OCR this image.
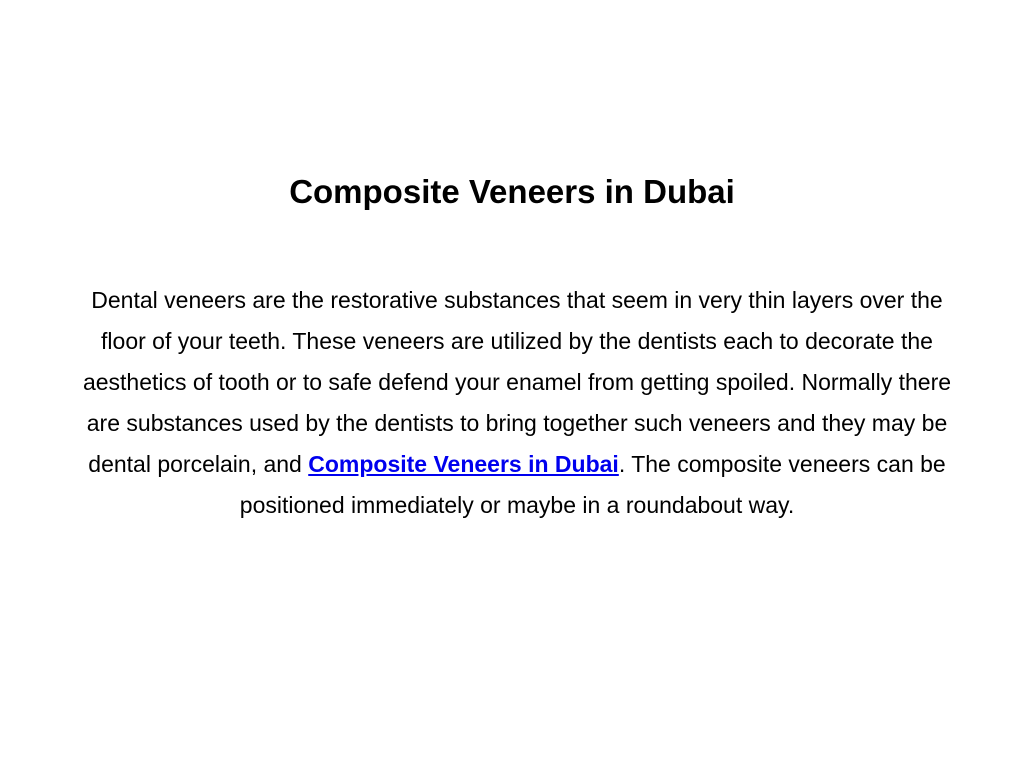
Composite Veneers in Dubai

Dental veneers are the restorative substances that seem in very thin layers over the floor of your teeth. These veneers are utilized by the dentists each to decorate the aesthetics of tooth or to safe defend your enamel from getting spoiled. Normally there are substances used by the dentists to bring together such veneers and they may be dental porcelain, and Composite Veneers in Dubai. The composite veneers can be positioned immediately or maybe in a roundabout way.
